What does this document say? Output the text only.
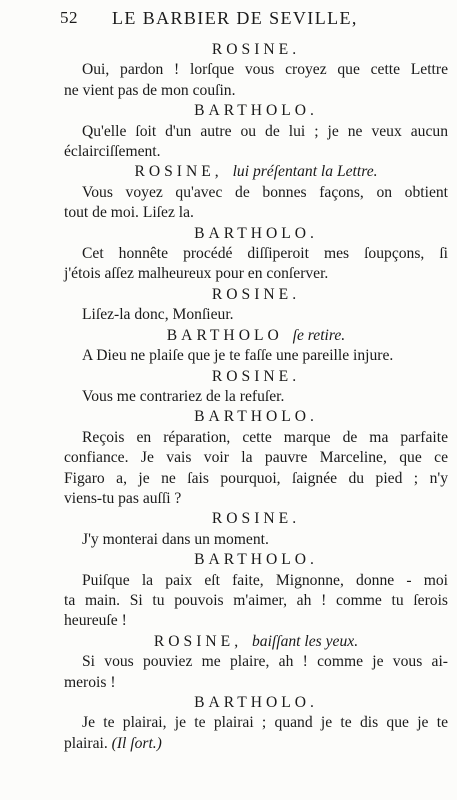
52 LE BARBIER DE SEVILLE,
ROSINE.
Oui, pardon ! lorſque vous croyez que cette Lettre
ne vient pas de mon couſin.
BARTHOLO.
Qu'elle ſoit d'un autre ou de lui ; je ne veux aucun
éclairciſſement.
ROSINE, lui préſentant la Lettre.
Vous voyez qu'avec de bonnes façons, on obtient
tout de moi. Liſez la.
BARTHOLO.
Cet honnête procédé diſſiperoit mes ſoupçons, ſi
j'étois aſſez malheureux pour en conſerver.
ROSINE.
Liſez-la donc, Monſieur.
BARTHOLO ſe retire.
A Dieu ne plaiſe que je te faſſe une pareille injure.
ROSINE.
Vous me contrariez de la refuſer.
BARTHOLO.
Reçois en réparation, cette marque de ma parfaite
confiance. Je vais voir la pauvre Marceline, que ce
Figaro a, je ne ſais pourquoi, ſaignée du pied ; n'y
viens-tu pas auſſi ?
ROSINE.
J'y monterai dans un moment.
BARTHOLO.
Puiſque la paix eſt faite, Mignonne, donne - moi
ta main. Si tu pouvois m'aimer, ah ! comme tu ſerois
heureuſe !
ROSINE, baiſſant les yeux.
Si vous pouviez me plaire, ah ! comme je vous ai-
merois !
BARTHOLO.
Je te plairai, je te plairai ; quand je te dis que je te
plairai. (Il ſort.)
